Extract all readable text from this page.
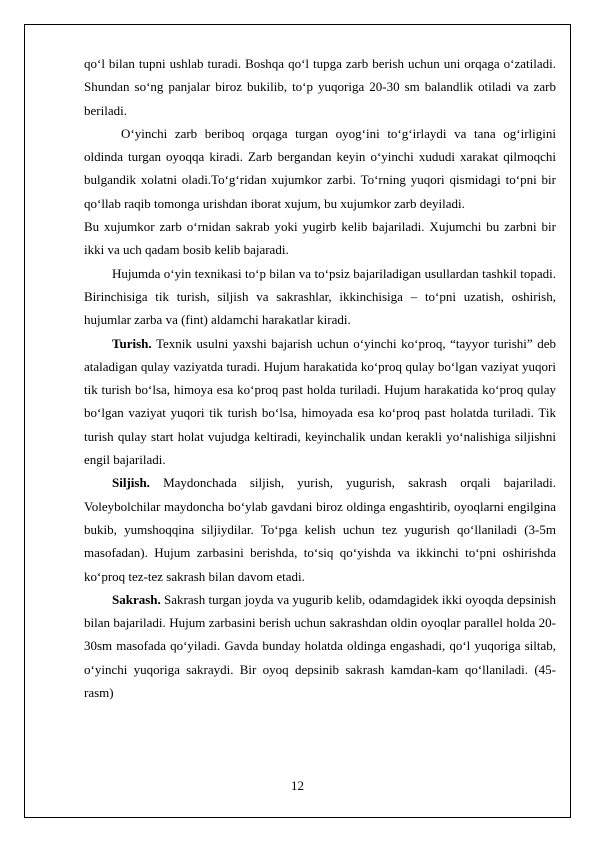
qo‘l bilan tupni ushlab turadi. Boshqa qo‘l tupga zarb berish uchun uni orqaga o‘zatiladi. Shundan so‘ng panjalar biroz bukilib, to‘p yuqoriga 20-30 sm balandlik otiladi va zarb beriladi.

O‘yinchi zarb beriboq orqaga turgan oyog‘ini to‘g‘irlaydi va tana og‘irligini oldinda turgan oyoqqa kiradi. Zarb bergandan keyin o‘yinchi xududi xarakat qilmoqchi bulgandik xolatni oladi.To‘g‘ridan xujumkor zarbi. To‘rning yuqori qismidagi to‘pni bir qo‘llab raqib tomonga urishdan iborat xujum, bu xujumkor zarb deyiladi.

Bu xujumkor zarb o‘rnidan sakrab yoki yugirb kelib bajariladi. Xujumchi bu zarbni bir ikki va uch qadam bosib kelib bajaradi.

Hujumda o‘yin texnikasi to‘p bilan va to‘psiz bajariladigan usullardan tashkil topadi. Birinchisiga tik turish, siljish va sakrashlar, ikkinchisiga – to‘pni uzatish, oshirish, hujumlar zarba va (fint) aldamchi harakatlar kiradi.

Turish. Texnik usulni yaxshi bajarish uchun o‘yinchi ko‘proq, “tayyor turishi” deb ataladigan qulay vaziyatda turadi. Hujum harakatida ko‘proq qulay bo‘lgan vaziyat yuqori tik turish bo‘lsa, himoya esa ko‘proq past holda turiladi. Hujum harakatida ko‘proq qulay bo‘lgan vaziyat yuqori tik turish bo‘lsa, himoyada esa ko‘proq past holatda turiladi. Tik turish qulay start holat vujudga keltiradi, keyinchalik undan kerakli yo‘nalishiga siljishni engil bajariladi.

Siljish. Maydonchada siljish, yurish, yugurish, sakrash orqali bajariladi. Voleybolchilar maydoncha bo‘ylab gavdani biroz oldinga engashtirib, oyoqlarni engilgina bukib, yumshoqqina siljiydilar. To‘pga kelish uchun tez yugurish qo‘llaniladi (3-5m masofadan). Hujum zarbasini berishda, to‘siq qo‘yishda va ikkinchi to‘pni oshirishda ko‘proq tez-tez sakrash bilan davom etadi.

Sakrash. Sakrash turgan joyda va yugurib kelib, odamdagidek ikki oyoqda depsinish bilan bajariladi. Hujum zarbasini berish uchun sakrashdan oldin oyoqlar parallel holda 20-30sm masofada qo‘yiladi. Gavda bunday holatda oldinga engashadi, qo‘l yuqoriga siltab, o‘yinchi yuqoriga sakraydi. Bir oyoq depsinib sakrash kamdan-kam qo‘llaniladi. (45-rasm)

12
